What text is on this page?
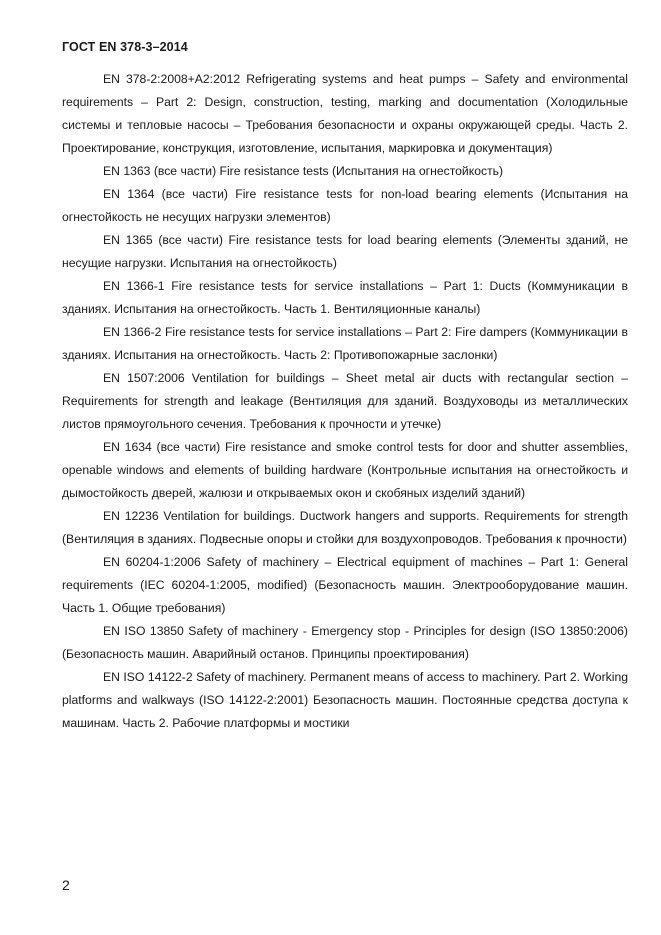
ГОСТ EN 378-3–2014

EN 378-2:2008+A2:2012 Refrigerating systems and heat pumps – Safety and environmental requirements – Part 2: Design, construction, testing, marking and documentation (Холодильные системы и тепловые насосы – Требования безопасности и охраны окружающей среды. Часть 2. Проектирование, конструкция, изготовление, испытания, маркировка и документация)

EN 1363 (все части) Fire resistance tests (Испытания на огнестойкость)

EN 1364 (все части) Fire resistance tests for non-load bearing elements (Испытания на огнестойкость не несущих нагрузки элементов)

EN 1365 (все части) Fire resistance tests for load bearing elements (Элементы зданий, не несущие нагрузки. Испытания на огнестойкость)

EN 1366-1 Fire resistance tests for service installations – Part 1: Ducts (Коммуникации в зданиях. Испытания на огнестойкость. Часть 1. Вентиляционные каналы)

EN 1366-2 Fire resistance tests for service installations – Part 2: Fire dampers (Коммуникации в зданиях. Испытания на огнестойкость. Часть 2: Противопожарные заслонки)

EN 1507:2006 Ventilation for buildings – Sheet metal air ducts with rectangular section – Requirements for strength and leakage (Вентиляция для зданий. Воздуховоды из металлических листов прямоугольного сечения. Требования к прочности и утечке)

EN 1634 (все части) Fire resistance and smoke control tests for door and shutter assemblies, openable windows and elements of building hardware (Контрольные испытания на огнестойкость и дымостойкость дверей, жалюзи и открываемых окон и скобяных изделий зданий)

EN 12236 Ventilation for buildings. Ductwork hangers and supports. Requirements for strength (Вентиляция в зданиях. Подвесные опоры и стойки для воздухопроводов. Требования к прочности)

EN 60204-1:2006 Safety of machinery – Electrical equipment of machines – Part 1: General requirements (IEC 60204-1:2005, modified) (Безопасность машин. Электрооборудование машин. Часть 1. Общие требования)

EN ISO 13850 Safety of machinery - Emergency stop - Principles for design (ISO 13850:2006) (Безопасность машин. Аварийный останов. Принципы проектирования)

EN ISO 14122-2 Safety of machinery. Permanent means of access to machinery. Part 2. Working platforms and walkways (ISO 14122-2:2001) Безопасность машин. Постоянные средства доступа к машинам. Часть 2. Рабочие платформы и мостики

2
